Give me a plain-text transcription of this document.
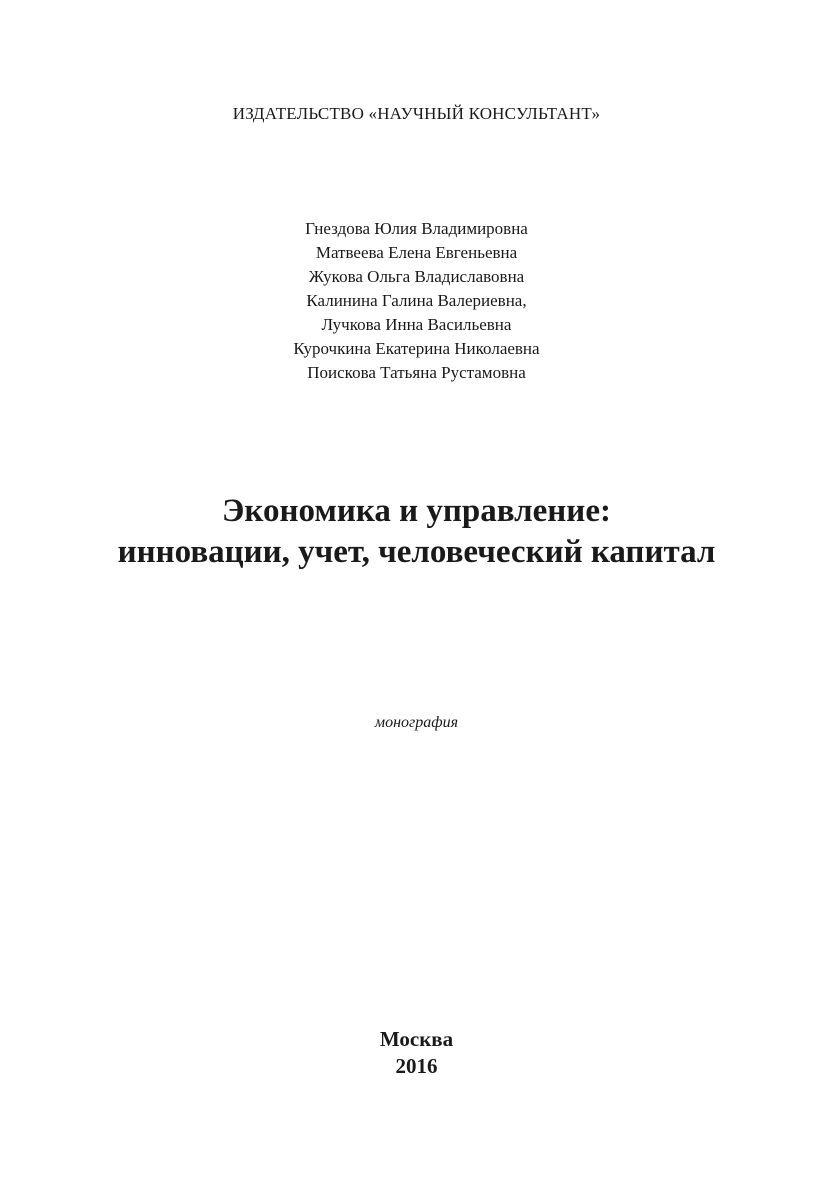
ИЗДАТЕЛЬСТВО «НАУЧНЫЙ КОНСУЛЬТАНТ»
Гнездова Юлия Владимировна
Матвеева Елена Евгеньевна
Жукова Ольга Владиславовна
Калинина Галина Валериевна,
Лучкова Инна Васильевна
Курочкина Екатерина Николаевна
Поискова Татьяна Рустамовна
Экономика и управление:
инновации, учет, человеческий капитал
монография
Москва
2016
